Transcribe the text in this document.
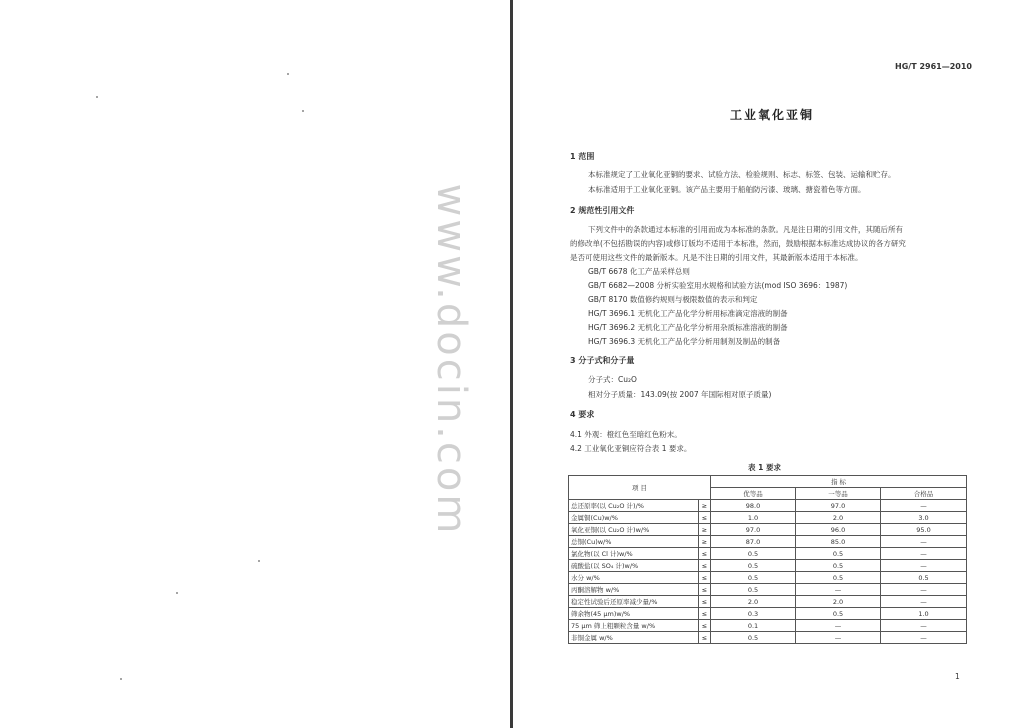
www.docin.com
HG/T 2961—2010
工业氧化亚铜
1 范围
本标准规定了工业氧化亚铜的要求、试验方法、检验规则、标志、标签、包装、运输和贮存。
本标准适用于工业氧化亚铜。该产品主要用于船舶防污漆、玻璃、搪瓷着色等方面。
2 规范性引用文件
下列文件中的条款通过本标准的引用而成为本标准的条款。凡是注日期的引用文件，其随后所有
的修改单(不包括勘误的内容)或修订版均不适用于本标准，然而，鼓励根据本标准达成协议的各方研究
是否可使用这些文件的最新版本。凡是不注日期的引用文件，其最新版本适用于本标准。
GB/T 6678 化工产品采样总则
GB/T 6682—2008 分析实验室用水规格和试验方法(mod ISO 3696：1987)
GB/T 8170 数值修约规则与极限数值的表示和判定
HG/T 3696.1 无机化工产品化学分析用标准滴定溶液的制备
HG/T 3696.2 无机化工产品化学分析用杂质标准溶液的制备
HG/T 3696.3 无机化工产品化学分析用制剂及制品的制备
3 分子式和分子量
分子式：Cu₂O
相对分子质量：143.09(按 2007 年国际相对原子质量)
4 要求
4.1 外观：橙红色至暗红色粉末。
4.2 工业氧化亚铜应符合表 1 要求。
表 1 要求
项 目		指 标		
		优等品	一等品	合格品
总还原率(以 Cu₂O 计)/%	≥	98.0	97.0	—
金属铜(Cu)w/%	≤	1.0	2.0	3.0
氧化亚铜(以 Cu₂O 计)w/%	≥	97.0	96.0	95.0
总铜(Cu)w/%	≥	87.0	85.0	—
氯化物(以 Cl 计)w/%	≤	0.5	0.5	—
硫酸盐(以 SO₄ 计)w/%	≤	0.5	0.5	—
水分 w/%	≤	0.5	0.5	0.5
丙酮溶解物 w/%	≤	0.5	—	—
稳定性试验后还原率减少量/%	≤	2.0	2.0	—
筛余物(45 μm)w/%	≤	0.3	0.5	1.0
75 μm 筛上粗颗粒含量 w/%	≤	0.1	—	—
非铜金属 w/%	≤	0.5	—	—
1
